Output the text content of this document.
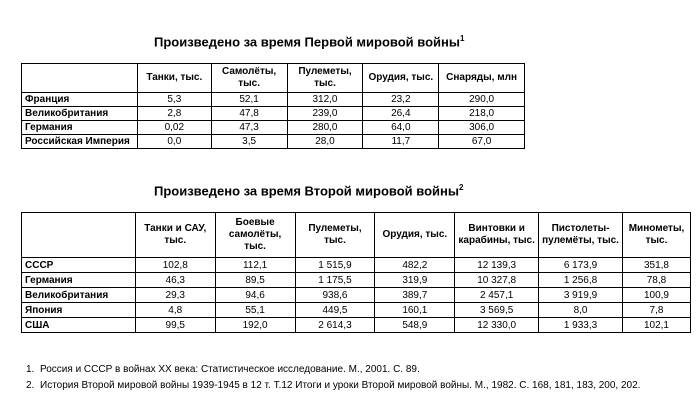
Произведено за время Первой мировой войны$^1$
	Танки, тыс.	Самолёты, тыс.	Пулеметы, тыс.	Орудия, тыс.	Снаряды, млн
Франция	5,3	52,1	312,0	23,2	290,0
Великобритания	2,8	47,8	239,0	26,4	218,0
Германия	0,02	47,3	280,0	64,0	306,0
Российская Империя	0,0	3,5	28,0	11,7	67,0
Произведено за время Второй мировой войны$^2$
	Танки и САУ, тыс.	Боевые самолёты, тыс.	Пулеметы, тыс.	Орудия, тыс.	Винтовки и карабины, тыс.	Пистолеты-пулемёты, тыс.	Минометы, тыс.
СССР	102,8	112,1	1 515,9	482,2	12 139,3	6 173,9	351,8
Германия	46,3	89,5	1 175,5	319,9	10 327,8	1 256,8	78,8
Великобритания	29,3	94,6	938,6	389,7	2 457,1	3 919,9	100,9
Япония	4,8	55,1	449,5	160,1	3 569,5	8,0	7,8
США	99,5	192,0	2 614,3	548,9	12 330,0	1 933,3	102,1
1. Россия и СССР в войнах XX века: Статистическое исследование. М., 2001. С. 89.
2. История Второй мировой войны 1939-1945 в 12 т. Т.12 Итоги и уроки Второй мировой войны. М., 1982. С. 168, 181, 183, 200, 202.
